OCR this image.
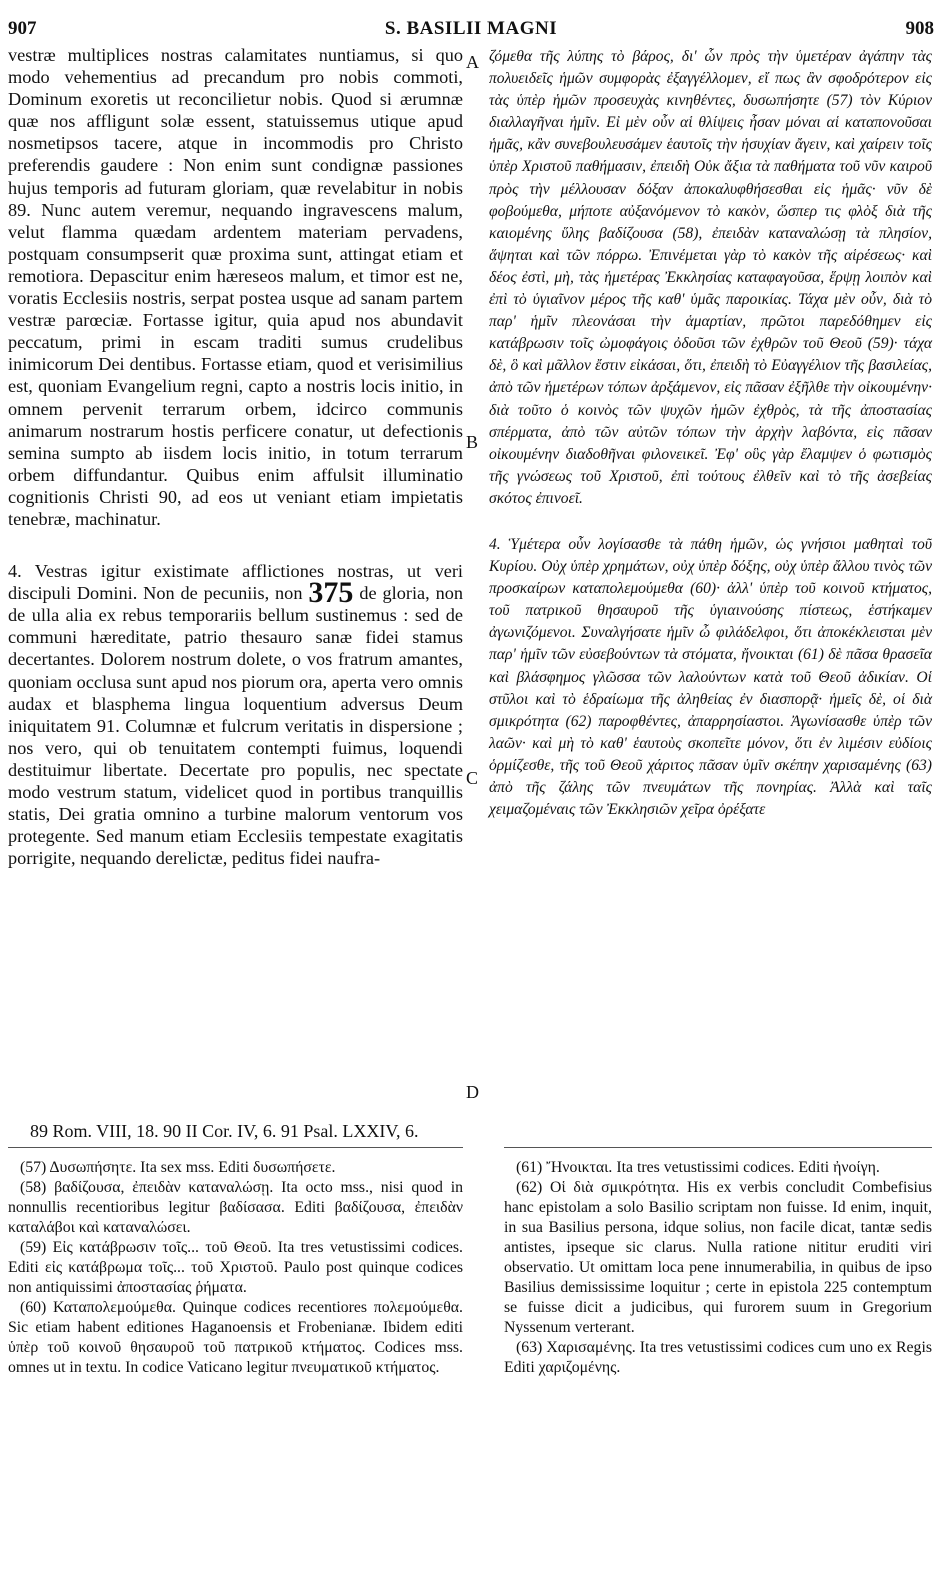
907	S. BASILII MAGNI	908

vestræ multiplices nostras calamitates nuntiamus, si quo modo vehementius ad precandum pro nobis commoti, Dominum exoretis ut reconcilietur nobis. Quod si ærumnæ quæ nos affligunt solæ essent, statuissemus utique apud nosmetipsos tacere, atque in incommodis pro Christo preferendis gaudere : Non enim sunt condignæ passiones hujus temporis ad futuram gloriam, quæ revelabitur in nobis 89. Nunc autem veremur, nequando ingravescens malum, velut flamma quædam ardentem materiam pervadens, postquam consumpserit quæ proxima sunt, attingat etiam et remotiora. Depascitur enim hæreseos malum, et timor est ne, voratis Ecclesiis nostris, serpat postea usque ad sanam partem vestræ parœciæ. Fortasse igitur, quia apud nos abundavit peccatum, primi in escam traditi sumus crudelibus inimicorum Dei dentibus. Fortasse etiam, quod et verisimilius est, quoniam Evangelium regni, capto a nostris locis initio, in omnem pervenit terrarum orbem, idcirco communis animarum nostrarum hostis perficere conatur, ut defectionis semina sumpto ab iisdem locis initio, in totum terrarum orbem diffundantur. Quibus enim affulsit illuminatio cognitionis Christi 90, ad eos ut veniant etiam impietatis tenebræ, machinatur.

4. Vestras igitur existimate afflictiones nostras, ut veri discipuli Domini. Non de pecuniis, non 375 de gloria, non de ulla alia ex rebus temporariis bellum sustinemus : sed de communi hæreditate, patrio thesauro sanæ fidei stamus decertantes. Dolorem nostrum dolete, o vos fratrum amantes, quoniam occlusa sunt apud nos piorum ora, aperta vero omnis audax et blasphema lingua loquentium adversus Deum iniquitatem 91. Columnæ et fulcrum veritatis in dispersione ; nos vero, qui ob tenuitatem contempti fuimus, loquendi destituimur libertate. Decertate pro populis, nec spectate modo vestrum statum, videlicet quod in portibus tranquillis statis, Dei gratia omnino a turbine malorum ventorum vos protegente. Sed manum etiam Ecclesiis tempestate exagitatis porrigite, nequando derelictæ, peditus fidei naufra-

A
B
C
D

ζόμεθα τῆς λύπης τὸ βάρος, δι' ὧν πρὸς τὴν ὑμετέραν ἀγάπην τὰς πολυειδεῖς ἡμῶν συμφορὰς ἐξαγγέλλομεν, εἴ πως ἂν σφοδρότερον εἰς τὰς ὑπὲρ ἡμῶν προσευχὰς κινηθέντες, δυσωπήσητε (57) τὸν Κύριον διαλλαγῆναι ἡμῖν. Εἰ μὲν οὖν αἱ θλίψεις ἦσαν μόναι αἱ καταπονοῦσαι ἡμᾶς, κἂν συνεβουλευσάμεν ἑαυτοῖς τὴν ἡσυχίαν ἄγειν, καὶ χαίρειν τοῖς ὑπὲρ Χριστοῦ παθήμασιν, ἐπειδὴ Οὐκ ἄξια τὰ παθήματα τοῦ νῦν καιροῦ πρὸς τὴν μέλλουσαν δόξαν ἀποκαλυφθήσεσθαι εἰς ἡμᾶς· νῦν δὲ φοβούμεθα, μήποτε αὐξανόμενον τὸ κακὸν, ὥσπερ τις φλὸξ διὰ τῆς καιομένης ὕλης βαδίζουσα (58), ἐπειδὰν καταναλώσῃ τὰ πλησίον, ἅψηται καὶ τῶν πόρρω. Ἐπινέμεται γὰρ τὸ κακὸν τῆς αἱρέσεως· καὶ δέος ἐστὶ, μὴ, τὰς ἡμετέρας Ἐκκλησίας καταφαγοῦσα, ἕρψῃ λοιπὸν καὶ ἐπὶ τὸ ὑγιαῖνον μέρος τῆς καθ' ὑμᾶς παροικίας. Τάχα μὲν οὖν, διὰ τὸ παρ' ἡμῖν πλεονάσαι τὴν ἁμαρτίαν, πρῶτοι παρεδόθημεν εἰς κατάβρωσιν τοῖς ὠμοφάγοις ὀδοῦσι τῶν ἐχθρῶν τοῦ Θεοῦ (59)· τάχα δὲ, ὃ καὶ μᾶλλον ἔστιν εἰκάσαι, ὅτι, ἐπειδὴ τὸ Εὐαγγέλιον τῆς βασιλείας, ἀπὸ τῶν ἡμετέρων τόπων ἀρξάμενον, εἰς πᾶσαν ἐξῆλθε τὴν οἰκουμένην· διὰ τοῦτο ὁ κοινὸς τῶν ψυχῶν ἡμῶν ἐχθρὸς, τὰ τῆς ἀποστασίας σπέρματα, ἀπὸ τῶν αὐτῶν τόπων τὴν ἀρχὴν λαβόντα, εἰς πᾶσαν οἰκουμένην διαδοθῆναι φιλονεικεῖ. Ἐφ' οὓς γὰρ ἔλαμψεν ὁ φωτισμὸς τῆς γνώσεως τοῦ Χριστοῦ, ἐπὶ τούτους ἐλθεῖν καὶ τὸ τῆς ἀσεβείας σκότος ἐπινοεῖ.

4. Ὑμέτερα οὖν λογίσασθε τὰ πάθη ἡμῶν, ὡς γνήσιοι μαθηταὶ τοῦ Κυρίου. Οὐχ ὑπὲρ χρημάτων, οὐχ ὑπὲρ δόξης, οὐχ ὑπὲρ ἄλλου τινὸς τῶν προσκαίρων καταπολεμούμεθα (60)· ἀλλ' ὑπὲρ τοῦ κοινοῦ κτήματος, τοῦ πατρικοῦ θησαυροῦ τῆς ὑγιαινούσης πίστεως, ἑστήκαμεν ἀγωνιζόμενοι. Συναλγήσατε ἡμῖν ὦ φιλάδελφοι, ὅτι ἀποκέκλεισται μὲν παρ' ἡμῖν τῶν εὐσεβούντων τὰ στόματα, ἤνοικται (61) δὲ πᾶσα θρασεῖα καὶ βλάσφημος γλῶσσα τῶν λαλούντων κατὰ τοῦ Θεοῦ ἀδικίαν. Οἱ στῦλοι καὶ τὸ ἑδραίωμα τῆς ἀληθείας ἐν διασπορᾷ· ἡμεῖς δὲ, οἱ διὰ σμικρότητα (62) παροφθέντες, ἀπαρρησίαστοι. Ἀγωνίσασθε ὑπὲρ τῶν λαῶν· καὶ μὴ τὸ καθ' ἑαυτοὺς σκοπεῖτε μόνον, ὅτι ἐν λιμέσιν εὐδίοις ὁρμίζεσθε, τῆς τοῦ Θεοῦ χάριτος πᾶσαν ὑμῖν σκέπην χαρισαμένης (63) ἀπὸ τῆς ζάλης τῶν πνευμάτων τῆς πονηρίας. Ἀλλὰ καὶ ταῖς χειμαζομέναις τῶν Ἐκκλησιῶν χεῖρα ὀρέξατε

89 Rom. VIII, 18. 90 II Cor. IV, 6. 91 Psal. LXXIV, 6.

(57) Δυσωπήσητε. Ita sex mss. Editi δυσωπήσετε.

(58) βαδίζουσα, ἐπειδὰν καταναλώσῃ. Ita octo mss., nisi quod in nonnullis recentioribus legitur βαδίσασα. Editi βαδίζουσα, ἐπειδὰν καταλάβοι καὶ καταναλώσει.

(59) Εἰς κατάβρωσιν τοῖς... τοῦ Θεοῦ. Ita tres vetustissimi codices. Editi εἰς κατάβρωμα τοῖς... τοῦ Χριστοῦ. Paulo post quinque codices non antiquissimi ἀποστασίας ῥήματα.

(60) Καταπολεμούμεθα. Quinque codices recentiores πολεμούμεθα. Sic etiam habent editiones Haganoensis et Frobenianæ. Ibidem editi ὑπὲρ τοῦ κοινοῦ θησαυροῦ τοῦ πατρικοῦ κτήματος. Codices mss. omnes ut in textu. In codice Vaticano legitur πνευματικοῦ κτήματος.

(61) Ἤνοικται. Ita tres vetustissimi codices. Editi ἠνοίγη.

(62) Οἱ διὰ σμικρότητα. His ex verbis concludit Combefisius hanc epistolam a solo Basilio scriptam non fuisse. Id enim, inquit, in sua Basilius persona, idque solius, non facile dicat, tantæ sedis antistes, ipseque sic clarus. Nulla ratione nititur eruditi viri observatio. Ut omittam loca pene innumerabilia, in quibus de ipso Basilius demississime loquitur ; certe in epistola 225 contemptum se fuisse dicit a judicibus, qui furorem suum in Gregorium Nyssenum verterant.

(63) Χαρισαμένης. Ita tres vetustissimi codices cum uno ex Regis Editi χαριζομένης.
